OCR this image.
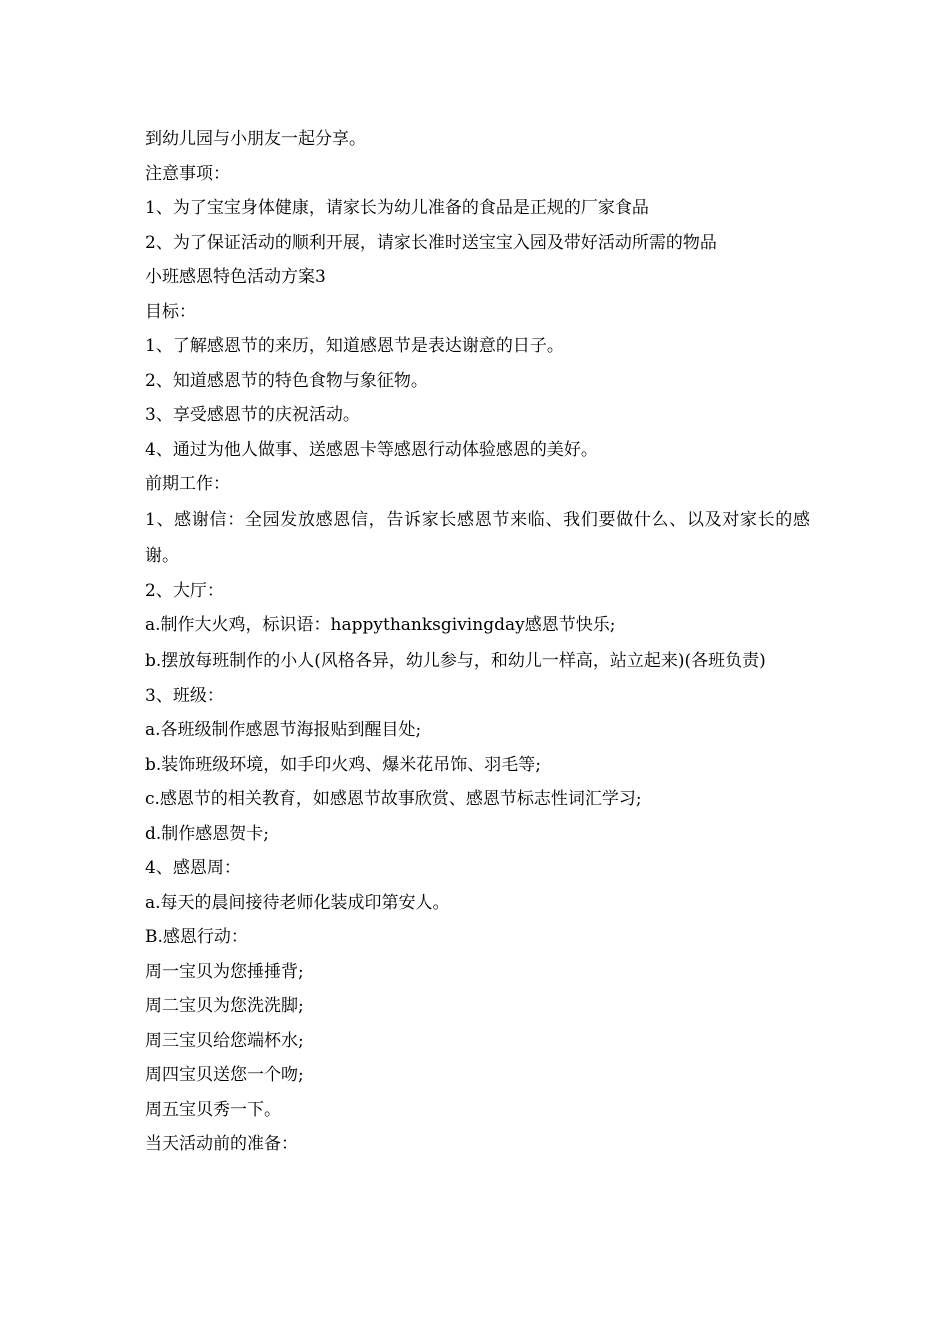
到幼儿园与小朋友一起分享。
注意事项：
1、为了宝宝身体健康，请家长为幼儿准备的食品是正规的厂家食品
2、为了保证活动的顺利开展，请家长准时送宝宝入园及带好活动所需的物品
小班感恩特色活动方案3
目标：
1、了解感恩节的来历，知道感恩节是表达谢意的日子。
2、知道感恩节的特色食物与象征物。
3、享受感恩节的庆祝活动。
4、通过为他人做事、送感恩卡等感恩行动体验感恩的美好。
前期工作：
1、感谢信：全园发放感恩信，告诉家长感恩节来临、我们要做什么、以及对家长的感谢。
2、大厅：
a.制作大火鸡，标识语：happythanksgivingday感恩节快乐;
b.摆放每班制作的小人(风格各异，幼儿参与，和幼儿一样高，站立起来)(各班负责)
3、班级：
a.各班级制作感恩节海报贴到醒目处;
b.装饰班级环境，如手印火鸡、爆米花吊饰、羽毛等;
c.感恩节的相关教育，如感恩节故事欣赏、感恩节标志性词汇学习;
d.制作感恩贺卡;
4、感恩周：
a.每天的晨间接待老师化装成印第安人。
B.感恩行动：
周一宝贝为您捶捶背;
周二宝贝为您洗洗脚;
周三宝贝给您端杯水;
周四宝贝送您一个吻;
周五宝贝秀一下。
当天活动前的准备：
